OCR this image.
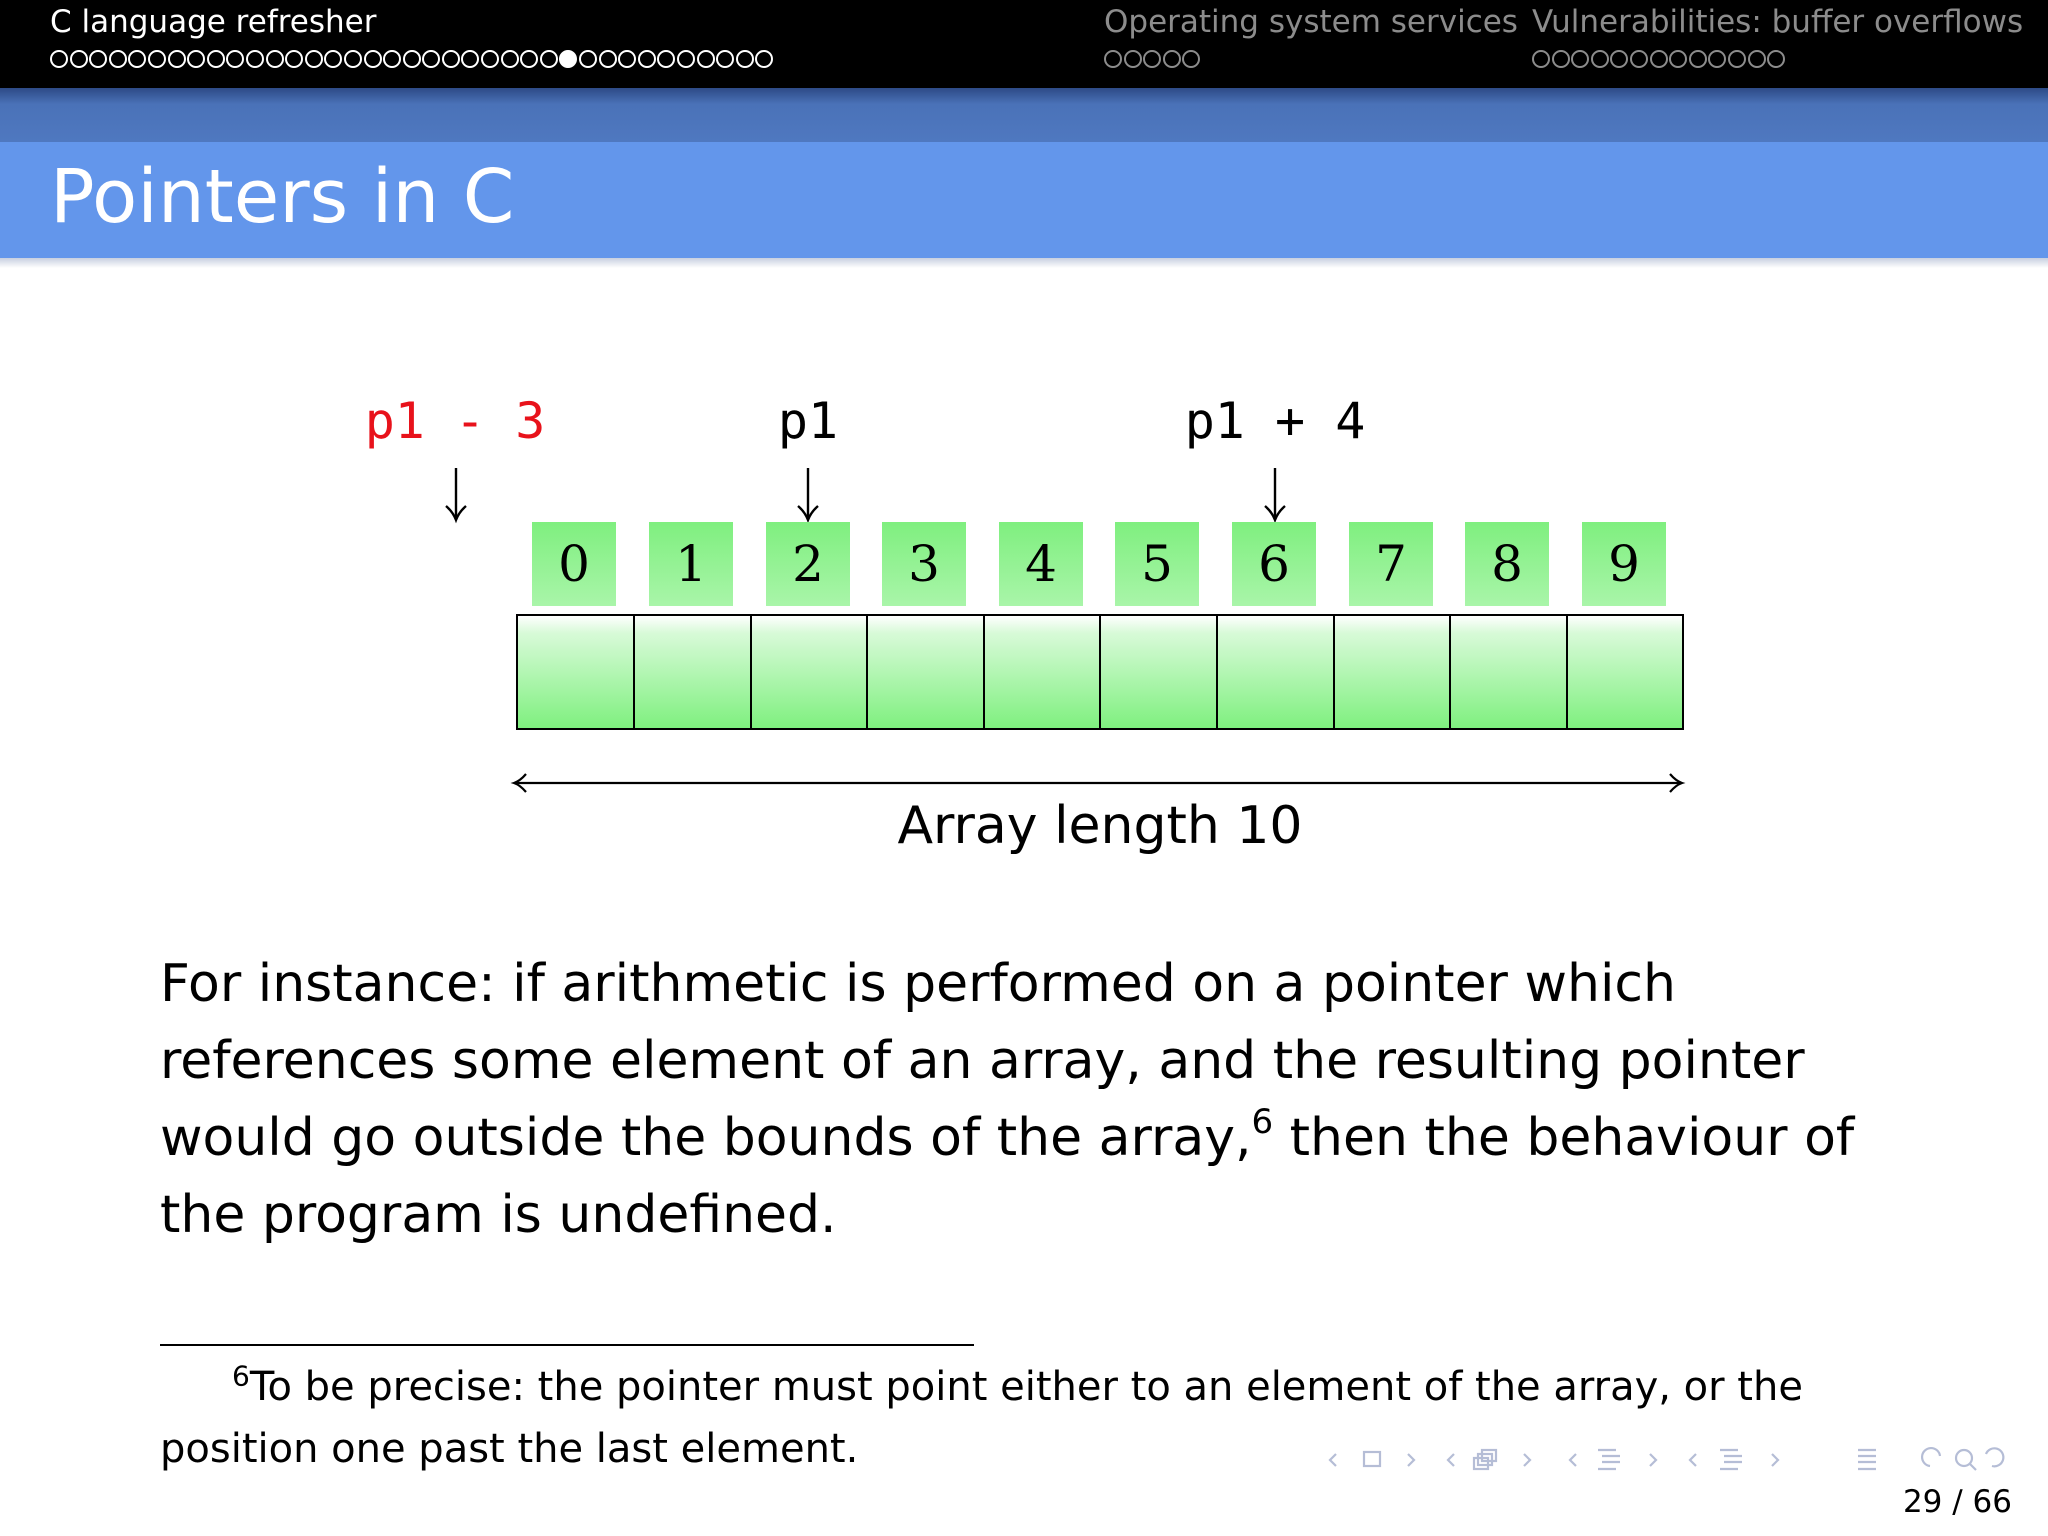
C language refresher	Operating system services Vulnerabilities: buffer overflows
Pointers in C
p1 - 3	p1	p1 + 4
0	1	2	3	4	5	6	7	8	9
Array length 10

For instance: if arithmetic is performed on a pointer which references some element of an array, and the resulting pointer would go outside the bounds of the array,$^6$ then the behaviour of the program is undefined.

$^6$To be precise: the pointer must point either to an element of the array, or the position one past the last element.

29 / 66
